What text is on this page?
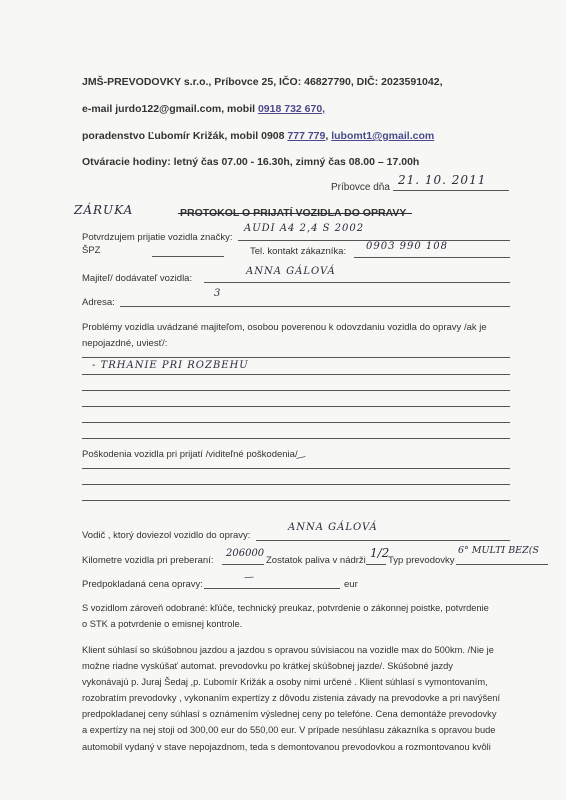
JMŠ-PREVODOVKY s.r.o., Príbovce 25, IČO: 46827790, DIČ: 2023591042,
e-mail jurdo122@gmail.com, mobil 0918 732 670,
poradenstvo Ľubomír Križák, mobil 0908 777 779, lubomt1@gmail.com
Otváracie hodiny: letný čas 07.00 - 16.30h, zimný čas 08.00 – 17.00h
Príbovce dňa
21. 10. 2011
ZÁRUKA	PROTOKOL O PRIJATÍ VOZIDLA DO OPRAVY
Potvrdzujem prijatie vozidla značky:
AUDI A4 2,4 S 2002
ŠPZ	Tel. kontakt zákazníka: 0903 990 108
Majiteľ/ dodávateľ vozidla:
ANNA GÁLOVÁ
Adresa:
3
Problémy vozidla uvádzané majiteľom, osobou poverenou k odovzdaniu vozidla do opravy /ak je
nepojazdné, uviesť/:
- TRHANIE PRI ROZBEHU
Poškodenia vozidla pri prijatí /viditeľné poškodenia/
—
Vodič , ktorý doviezol vozidlo do opravy:
ANNA GÁLOVÁ
Kilometre vozidla pri preberaní:
206000
Zostatok paliva v nádrži
1/2
Typ prevodovky
6° MULTI BEZ(S
Predpokladaná cena opravy:
—
eur
S vozidlom zároveň odobrané: kľúče, technický preukaz, potvrdenie o zákonnej poistke, potvrdenie
o STK a potvrdenie o emisnej kontrole.
Klient súhlasí so skúšobnou jazdou a jazdou s opravou súvisiacou na vozidle max do 500km. /Nie je
možne riadne vyskúšať automat. prevodovku po krátkej skúšobnej jazde/. Skúšobné jazdy
vykonávajú p. Juraj Šedaj ,p. Ľubomír Križák a osoby nimi určené . Klient súhlasí s vymontovaním,
rozobratím prevodovky , vykonaním expertízy z dôvodu zistenia závady na prevodovke a pri navýšení
predpokladanej ceny súhlasí s oznámením výslednej ceny po telefóne. Cena demontáže prevodovky
a expertízy na nej stoji od 300,00 eur do 550,00 eur. V prípade nesúhlasu zákazníka s opravou bude
automobil vydaný v stave nepojazdnom, teda s demontovanou prevodovkou a rozmontovanou kvôli
